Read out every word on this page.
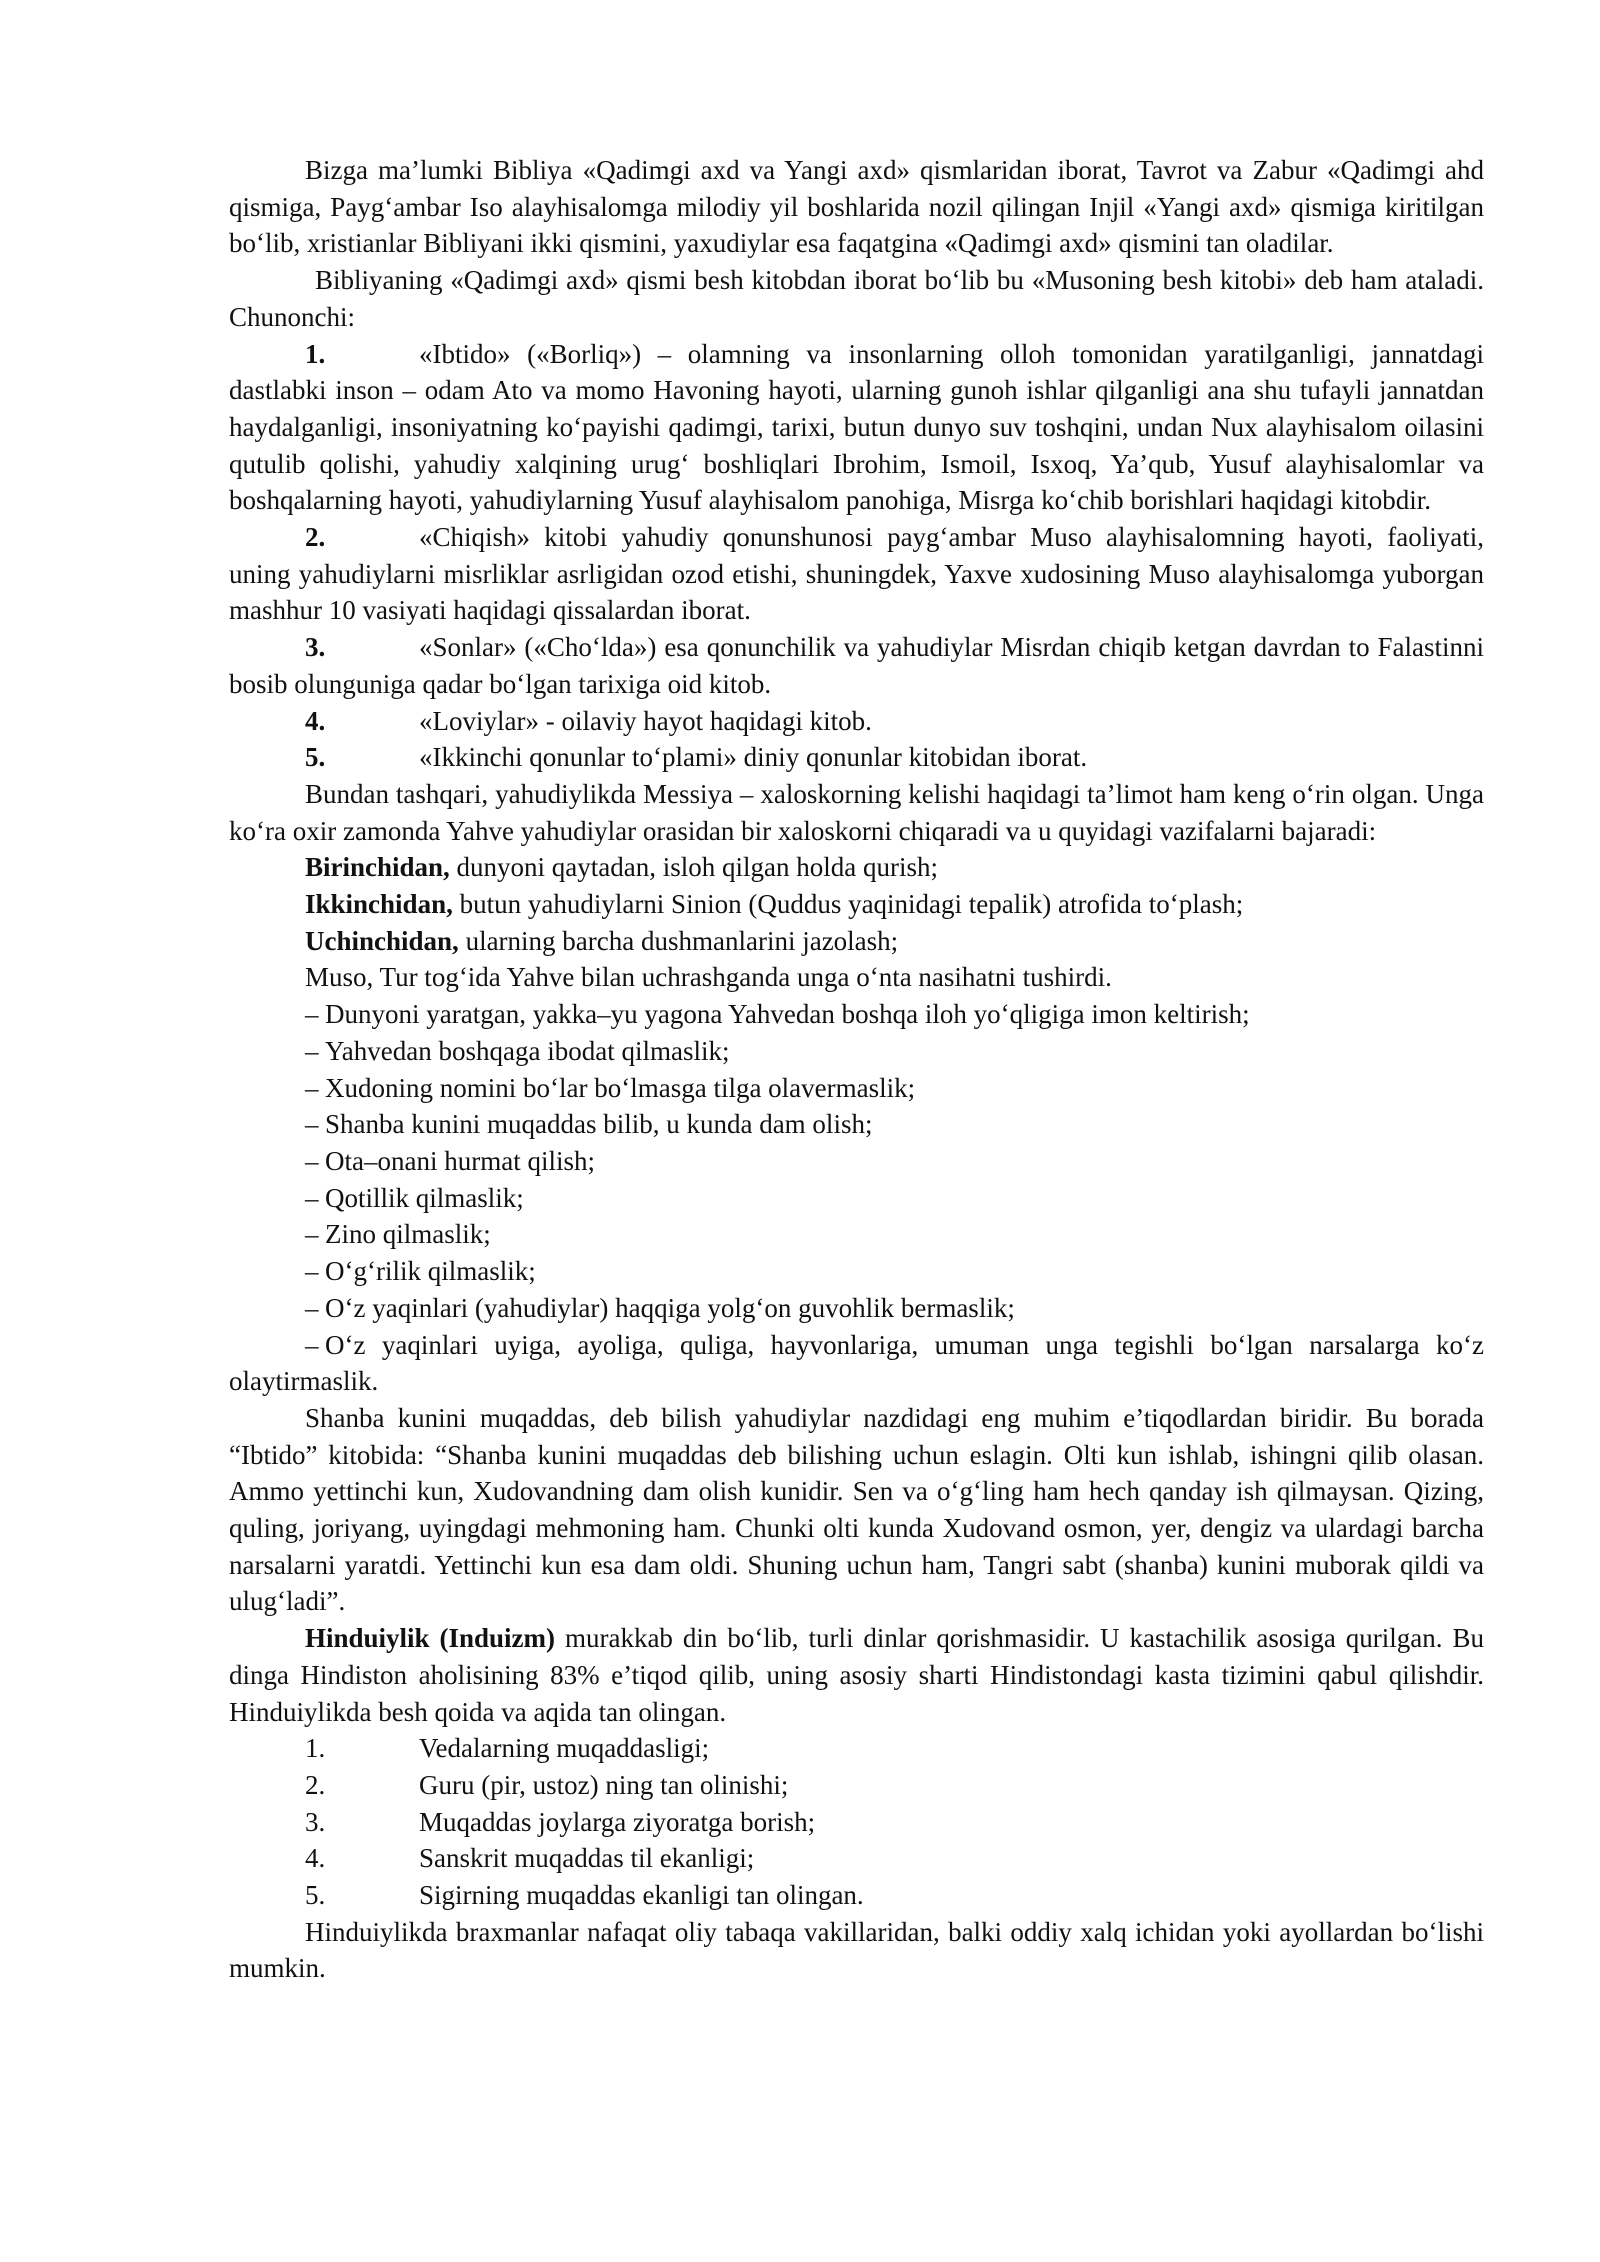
Bizga ma’lumki Bibliya «Qadimgi axd va Yangi axd» qismlaridan iborat, Tavrot va Zabur «Qadimgi ahd qismiga, Payg‘ambar Iso alayhisalomga milodiy yil boshlarida nozil qilingan Injil «Yangi axd» qismiga kiritilgan bo‘lib, xristianlar Bibliyani ikki qismini, yaxudiylar esa faqatgina «Qadimgi axd» qismini tan oladilar.

Bibliyaning «Qadimgi axd» qismi besh kitobdan iborat bo‘lib bu «Musoning besh kitobi» deb ham ataladi. Chunonchi:

1.	«Ibtido» («Borliq») – olamning va insonlarning olloh tomonidan yaratilganligi, jannatdagi dastlabki inson – odam Ato va momo Havoning hayoti, ularning gunoh ishlar qilganligi ana shu tufayli jannatdan haydalganligi, insoniyatning ko‘payishi qadimgi, tarixi, butun dunyo suv toshqini, undan Nux alayhisalom oilasini qutulib qolishi, yahudiy xalqining urug‘ boshliqlari Ibrohim, Ismoil, Isxoq, Ya’qub, Yusuf alayhisalomlar va boshqalarning hayoti, yahudiylarning Yusuf alayhisalom panohiga, Misrga ko‘chib borishlari haqidagi kitobdir.

2.	«Chiqish» kitobi yahudiy qonunshunosi payg‘ambar Muso alayhisalomning hayoti, faoliyati, uning yahudiylarni misrliklar asrligidan ozod etishi, shuningdek, Yaxve xudosining Muso alayhisalomga yuborgan mashhur 10 vasiyati haqidagi qissalardan iborat.

3.	«Sonlar» («Cho‘lda») esa qonunchilik va yahudiylar Misrdan chiqib ketgan davrdan to Falastinni bosib olunguniga qadar bo‘lgan tarixiga oid kitob.

4.	«Loviylar» - oilaviy hayot haqidagi kitob.

5.	«Ikkinchi qonunlar to‘plami» diniy qonunlar kitobidan iborat.

Bundan tashqari, yahudiylikda Messiya – xaloskorning kelishi haqidagi ta’limot ham keng o‘rin olgan. Unga ko‘ra oxir zamonda Yahve yahudiylar orasidan bir xaloskorni chiqaradi va u quyidagi vazifalarni bajaradi:

Birinchidan, dunyoni qaytadan, isloh qilgan holda qurish;

Ikkinchidan, butun yahudiylarni Sinion (Quddus yaqinidagi tepalik) atrofida to‘plash;

Uchinchidan, ularning barcha dushmanlarini jazolash;

Muso, Tur tog‘ida Yahve bilan uchrashganda unga o‘nta nasihatni tushirdi.

– Dunyoni yaratgan, yakka–yu yagona Yahvedan boshqa iloh yo‘qligiga imon keltirish;

– Yahvedan boshqaga ibodat qilmaslik;

– Xudoning nomini bo‘lar bo‘lmasga tilga olavermaslik;

– Shanba kunini muqaddas bilib, u kunda dam olish;

– Ota–onani hurmat qilish;

– Qotillik qilmaslik;

– Zino qilmaslik;

– O‘g‘rilik qilmaslik;

– O‘z yaqinlari (yahudiylar) haqqiga yolg‘on guvohlik bermaslik;

– O‘z yaqinlari uyiga, ayoliga, quliga, hayvonlariga, umuman unga tegishli bo‘lgan narsalarga ko‘z olaytirmaslik.

Shanba kunini muqaddas, deb bilish yahudiylar nazdidagi eng muhim e’tiqodlardan biridir. Bu borada “Ibtido” kitobida: “Shanba kunini muqaddas deb bilishing uchun eslagin. Olti kun ishlab, ishingni qilib olasan. Ammo yettinchi kun, Xudovandning dam olish kunidir. Sen va o‘g‘ling ham hech qanday ish qilmaysan. Qizing, quling, joriyang, uyingdagi mehmoning ham. Chunki olti kunda Xudovand osmon, yer, dengiz va ulardagi barcha narsalarni yaratdi. Yettinchi kun esa dam oldi. Shuning uchun ham, Tangri sabt (shanba) kunini muborak qildi va ulug‘ladi”.

Hinduiylik (Induizm) murakkab din bo‘lib, turli dinlar qorishmasidir. U kastachilik asosiga qurilgan. Bu dinga Hindiston aholisining 83% e’tiqod qilib, uning asosiy sharti Hindistondagi kasta tizimini qabul qilishdir. Hinduiylikda besh qoida va aqida tan olingan.

1.	Vedalarning muqaddasligi;

2.	Guru (pir, ustoz) ning tan olinishi;

3.	Muqaddas joylarga ziyoratga borish;

4.	Sanskrit muqaddas til ekanligi;

5.	Sigirning muqaddas ekanligi tan olingan.

Hinduiylikda braxmanlar nafaqat oliy tabaqa vakillaridan, balki oddiy xalq ichidan yoki ayollardan bo‘lishi mumkin.
